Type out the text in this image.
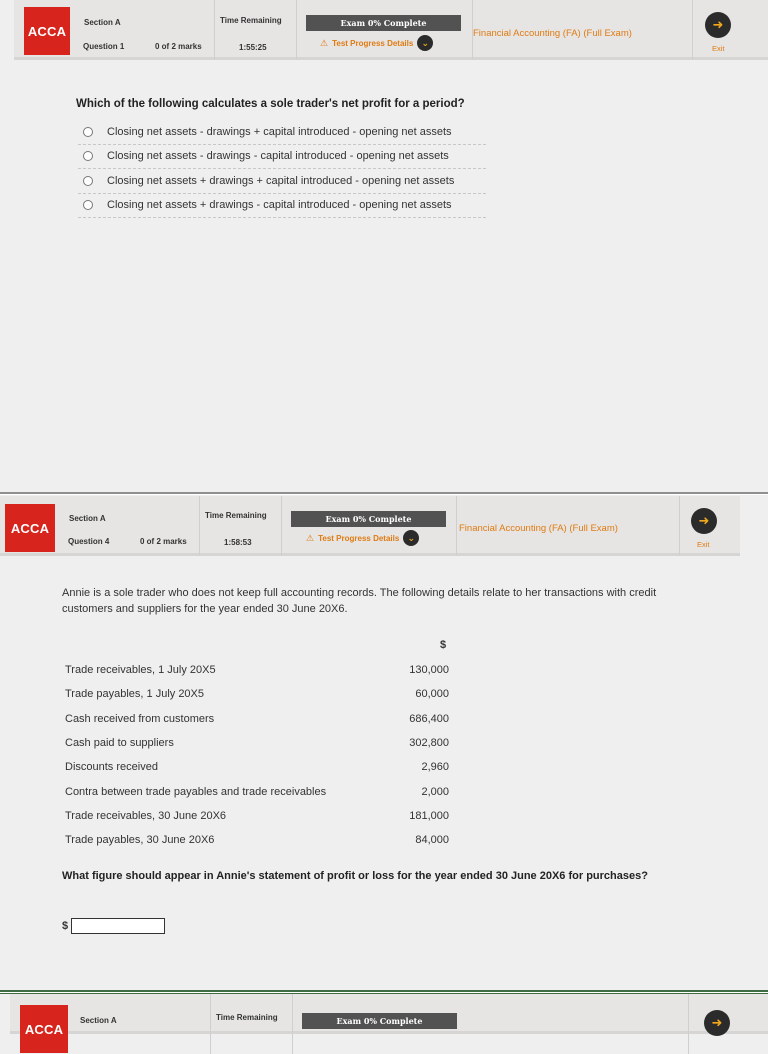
ACCA
Section A
Question 1	0 of 2 marks
Time Remaining
1:55:25
Exam 0% Complete
⚠ Test Progress Details ⌄
Financial Accounting (FA) (Full Exam)
➜
Exit
Which of the following calculates a sole trader's net profit for a period?
Closing net assets - drawings + capital introduced - opening net assets
Closing net assets - drawings - capital introduced - opening net assets
Closing net assets + drawings + capital introduced - opening net assets
Closing net assets + drawings - capital introduced - opening net assets
ACCA
Section A
Question 4	0 of 2 marks
Time Remaining
1:58:53
Exam 0% Complete
⚠ Test Progress Details ⌄
Financial Accounting (FA) (Full Exam)
➜
Exit
Annie is a sole trader who does not keep full accounting records. The following details relate to her transactions with credit customers and suppliers for the year ended 30 June 20X6.
$
Trade receivables, 1 July 20X5	130,000
Trade payables, 1 July 20X5	60,000
Cash received from customers	686,400
Cash paid to suppliers	302,800
Discounts received	2,960
Contra between trade payables and trade receivables	2,000
Trade receivables, 30 June 20X6	181,000
Trade payables, 30 June 20X6	84,000
What figure should appear in Annie's statement of profit or loss for the year ended 30 June 20X6 for purchases?
$
ACCA
Section A	Time Remaining	Exam 0% Complete	➜
